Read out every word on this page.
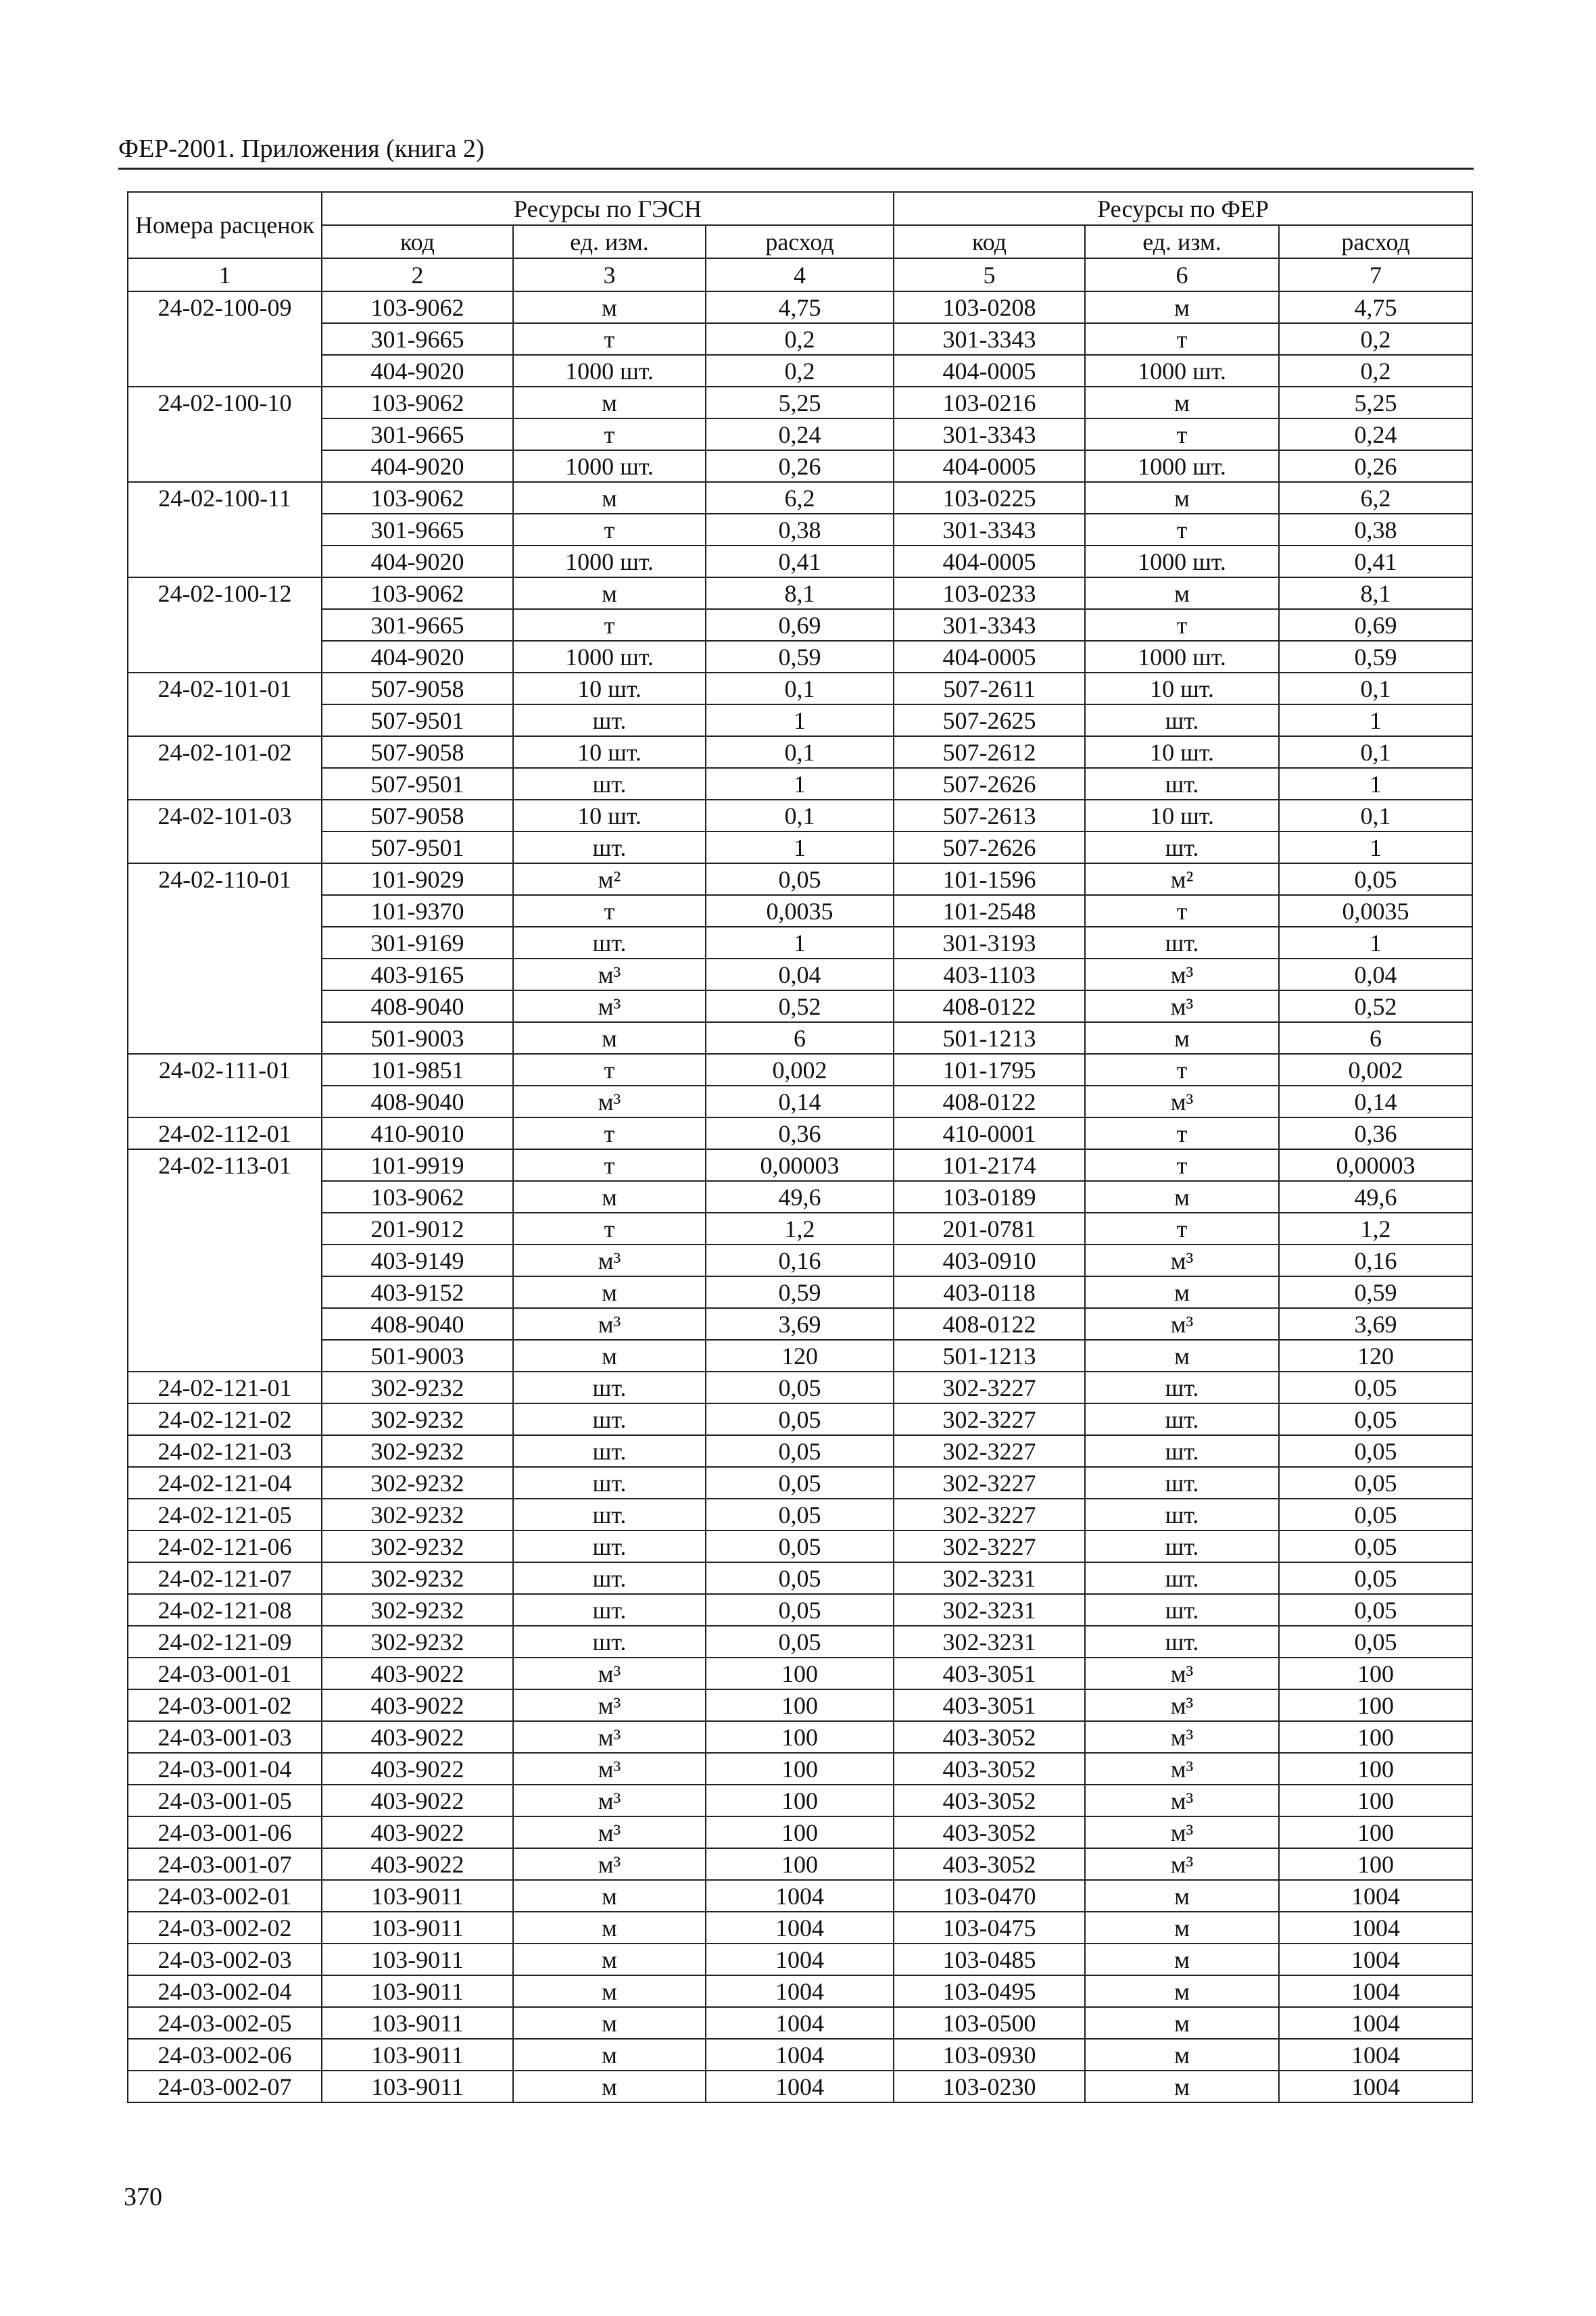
ФЕР-2001. Приложения (книга 2)
Номера расценок	Ресурсы по ГЭСН			Ресурсы по ФЕР		
	код	ед. изм.	расход	код	ед. изм.	расход
1	2	3	4	5	6	7
24-02-100-09	103-9062	м	4,75	103-0208	м	4,75
	301-9665	т	0,2	301-3343	т	0,2
	404-9020	1000 шт.	0,2	404-0005	1000 шт.	0,2
24-02-100-10	103-9062	м	5,25	103-0216	м	5,25
	301-9665	т	0,24	301-3343	т	0,24
	404-9020	1000 шт.	0,26	404-0005	1000 шт.	0,26
24-02-100-11	103-9062	м	6,2	103-0225	м	6,2
	301-9665	т	0,38	301-3343	т	0,38
	404-9020	1000 шт.	0,41	404-0005	1000 шт.	0,41
24-02-100-12	103-9062	м	8,1	103-0233	м	8,1
	301-9665	т	0,69	301-3343	т	0,69
	404-9020	1000 шт.	0,59	404-0005	1000 шт.	0,59
24-02-101-01	507-9058	10 шт.	0,1	507-2611	10 шт.	0,1
	507-9501	шт.	1	507-2625	шт.	1
24-02-101-02	507-9058	10 шт.	0,1	507-2612	10 шт.	0,1
	507-9501	шт.	1	507-2626	шт.	1
24-02-101-03	507-9058	10 шт.	0,1	507-2613	10 шт.	0,1
	507-9501	шт.	1	507-2626	шт.	1
24-02-110-01	101-9029	м²	0,05	101-1596	м²	0,05
	101-9370	т	0,0035	101-2548	т	0,0035
	301-9169	шт.	1	301-3193	шт.	1
	403-9165	м³	0,04	403-1103	м³	0,04
	408-9040	м³	0,52	408-0122	м³	0,52
	501-9003	м	6	501-1213	м	6
24-02-111-01	101-9851	т	0,002	101-1795	т	0,002
	408-9040	м³	0,14	408-0122	м³	0,14
24-02-112-01	410-9010	т	0,36	410-0001	т	0,36
24-02-113-01	101-9919	т	0,00003	101-2174	т	0,00003
	103-9062	м	49,6	103-0189	м	49,6
	201-9012	т	1,2	201-0781	т	1,2
	403-9149	м³	0,16	403-0910	м³	0,16
	403-9152	м	0,59	403-0118	м	0,59
	408-9040	м³	3,69	408-0122	м³	3,69
	501-9003	м	120	501-1213	м	120
24-02-121-01	302-9232	шт.	0,05	302-3227	шт.	0,05
24-02-121-02	302-9232	шт.	0,05	302-3227	шт.	0,05
24-02-121-03	302-9232	шт.	0,05	302-3227	шт.	0,05
24-02-121-04	302-9232	шт.	0,05	302-3227	шт.	0,05
24-02-121-05	302-9232	шт.	0,05	302-3227	шт.	0,05
24-02-121-06	302-9232	шт.	0,05	302-3227	шт.	0,05
24-02-121-07	302-9232	шт.	0,05	302-3231	шт.	0,05
24-02-121-08	302-9232	шт.	0,05	302-3231	шт.	0,05
24-02-121-09	302-9232	шт.	0,05	302-3231	шт.	0,05
24-03-001-01	403-9022	м³	100	403-3051	м³	100
24-03-001-02	403-9022	м³	100	403-3051	м³	100
24-03-001-03	403-9022	м³	100	403-3052	м³	100
24-03-001-04	403-9022	м³	100	403-3052	м³	100
24-03-001-05	403-9022	м³	100	403-3052	м³	100
24-03-001-06	403-9022	м³	100	403-3052	м³	100
24-03-001-07	403-9022	м³	100	403-3052	м³	100
24-03-002-01	103-9011	м	1004	103-0470	м	1004
24-03-002-02	103-9011	м	1004	103-0475	м	1004
24-03-002-03	103-9011	м	1004	103-0485	м	1004
24-03-002-04	103-9011	м	1004	103-0495	м	1004
24-03-002-05	103-9011	м	1004	103-0500	м	1004
24-03-002-06	103-9011	м	1004	103-0930	м	1004
24-03-002-07	103-9011	м	1004	103-0230	м	1004
370
